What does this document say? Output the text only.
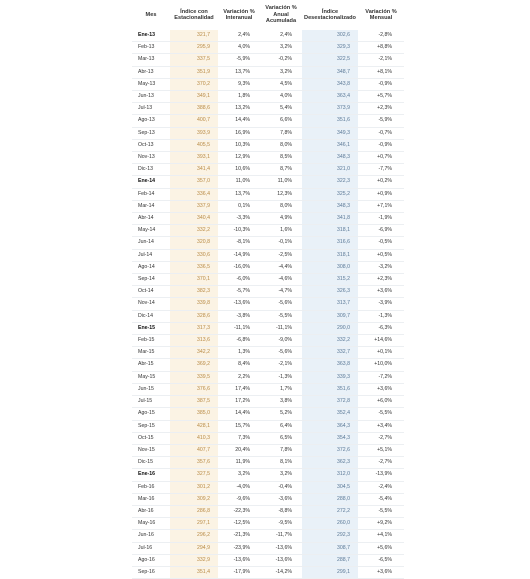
Mes	Índice con Estacionalidad	Variación % Interanual	Variación % Anual Acumulada	Índice Desestacionalizado	Variación % Mensual
Ene-13	321,7	2,4%	2,4%	302,6	-2,8%
Feb-13	295,9	4,0%	3,2%	329,3	+8,8%
Mar-13	337,5	-5,9%	-0,2%	322,5	-2,1%
Abr-13	351,9	13,7%	3,2%	348,7	+8,1%
May-13	370,2	9,3%	4,5%	343,8	-0,9%
Jun-13	349,1	1,8%	4,0%	363,4	+5,7%
Jul-13	388,6	13,2%	5,4%	373,9	+2,3%
Ago-13	400,7	14,4%	6,6%	351,6	-5,9%
Sep-13	393,9	16,9%	7,8%	349,3	-0,7%
Oct-13	405,5	10,3%	8,0%	346,1	-0,9%
Nov-13	393,1	12,9%	8,5%	348,3	+0,7%
Dic-13	341,4	10,6%	8,7%	321,0	-7,7%
Ene-14	357,0	11,0%	11,0%	322,3	+0,2%
Feb-14	336,4	13,7%	12,3%	325,2	+0,9%
Mar-14	337,9	0,1%	8,0%	348,3	+7,1%
Abr-14	340,4	-3,3%	4,9%	341,8	-1,9%
May-14	332,2	-10,3%	1,6%	318,1	-6,9%
Jun-14	320,8	-8,1%	-0,1%	316,6	-0,5%
Jul-14	330,6	-14,9%	-2,5%	318,1	+0,5%
Ago-14	336,5	-16,0%	-4,4%	308,0	-3,2%
Sep-14	370,1	-6,0%	-4,6%	315,2	+2,3%
Oct-14	382,3	-5,7%	-4,7%	326,3	+3,6%
Nov-14	339,8	-13,6%	-5,6%	313,7	-3,9%
Dic-14	328,6	-3,8%	-5,5%	309,7	-1,3%
Ene-15	317,3	-11,1%	-11,1%	290,0	-6,3%
Feb-15	313,6	-6,8%	-9,0%	332,2	+14,6%
Mar-15	342,2	1,3%	-5,6%	332,7	+0,1%
Abr-15	369,2	8,4%	-2,1%	363,8	+10,0%
May-15	339,5	2,2%	-1,3%	339,3	-7,2%
Jun-15	376,6	17,4%	1,7%	351,6	+3,6%
Jul-15	387,5	17,2%	3,8%	372,8	+6,0%
Ago-15	385,0	14,4%	5,2%	352,4	-5,5%
Sep-15	428,1	15,7%	6,4%	364,3	+3,4%
Oct-15	410,3	7,3%	6,5%	354,3	-2,7%
Nov-15	407,7	20,4%	7,8%	372,6	+5,1%
Dic-15	357,6	11,9%	8,1%	362,3	-2,7%
Ene-16	327,5	3,2%	3,2%	312,0	-13,9%
Feb-16	301,2	-4,0%	-0,4%	304,5	-2,4%
Mar-16	309,2	-9,6%	-3,6%	288,0	-5,4%
Abr-16	286,8	-22,3%	-8,8%	272,2	-5,5%
May-16	297,1	-12,5%	-9,5%	260,0	+9,2%
Jun-16	296,2	-21,3%	-11,7%	292,3	+4,1%
Jul-16	294,9	-23,9%	-13,6%	308,7	+5,6%
Ago-16	332,9	-13,6%	-13,6%	288,7	-6,5%
Sep-16	351,4	-17,9%	-14,2%	299,1	+3,6%
